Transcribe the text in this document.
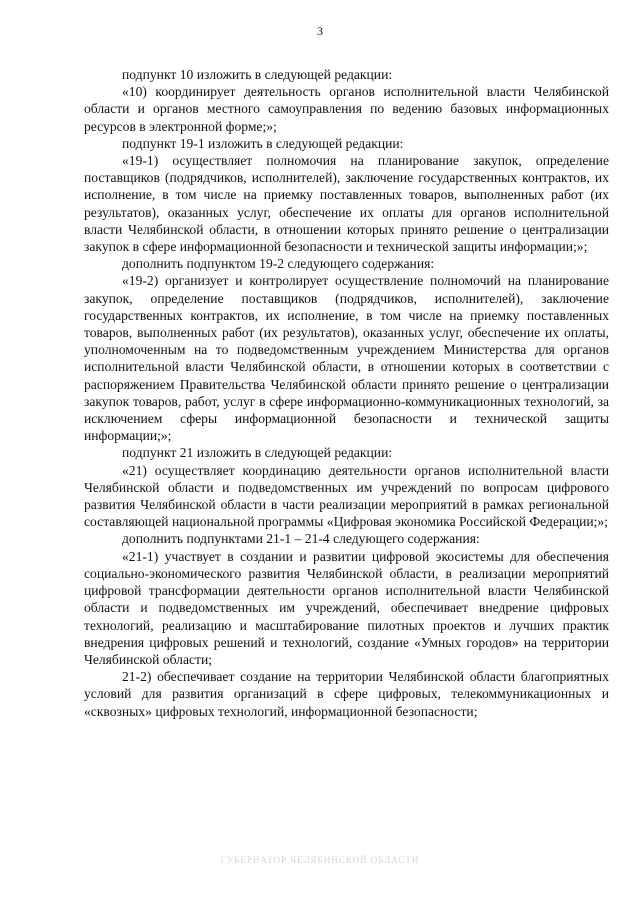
3

подпункт 10 изложить в следующей редакции:

«10) координирует деятельность органов исполнительной власти Челябинской области и органов местного самоуправления по ведению базовых информационных ресурсов в электронной форме;»;

подпункт 19-1 изложить в следующей редакции:

«19-1) осуществляет полномочия на планирование закупок, определение поставщиков (подрядчиков, исполнителей), заключение государственных контрактов, их исполнение, в том числе на приемку поставленных товаров, выполненных работ (их результатов), оказанных услуг, обеспечение их оплаты для органов исполнительной власти Челябинской области, в отношении которых принято решение о централизации закупок в сфере информационной безопасности и технической защиты информации;»;

дополнить подпунктом 19-2 следующего содержания:

«19-2) организует и контролирует осуществление полномочий на планирование закупок, определение поставщиков (подрядчиков, исполнителей), заключение государственных контрактов, их исполнение, в том числе на приемку поставленных товаров, выполненных работ (их результатов), оказанных услуг, обеспечение их оплаты, уполномоченным на то подведомственным учреждением Министерства для органов исполнительной власти Челябинской области, в отношении которых в соответствии с распоряжением Правительства Челябинской области принято решение о централизации закупок товаров, работ, услуг в сфере информационно-коммуникационных технологий, за исключением сферы информационной безопасности и технической защиты информации;»;

подпункт 21 изложить в следующей редакции:

«21) осуществляет координацию деятельности органов исполнительной власти Челябинской области и подведомственных им учреждений по вопросам цифрового развития Челябинской области в части реализации мероприятий в рамках региональной составляющей национальной программы «Цифровая экономика Российской Федерации;»;

дополнить подпунктами 21-1 – 21-4 следующего содержания:

«21-1) участвует в создании и развитии цифровой экосистемы для обеспечения социально-экономического развития Челябинской области, в реализации мероприятий цифровой трансформации деятельности органов исполнительной власти Челябинской области и подведомственных им учреждений, обеспечивает внедрение цифровых технологий, реализацию и масштабирование пилотных проектов и лучших практик внедрения цифровых решений и технологий, создание «Умных городов» на территории Челябинской области;

21-2) обеспечивает создание на территории Челябинской области благоприятных условий для развития организаций в сфере цифровых, телекоммуникационных и «сквозных» цифровых технологий, информационной безопасности;

ГУБЕРНАТОР ЧЕЛЯБИНСКОЙ ОБЛАСТИ
